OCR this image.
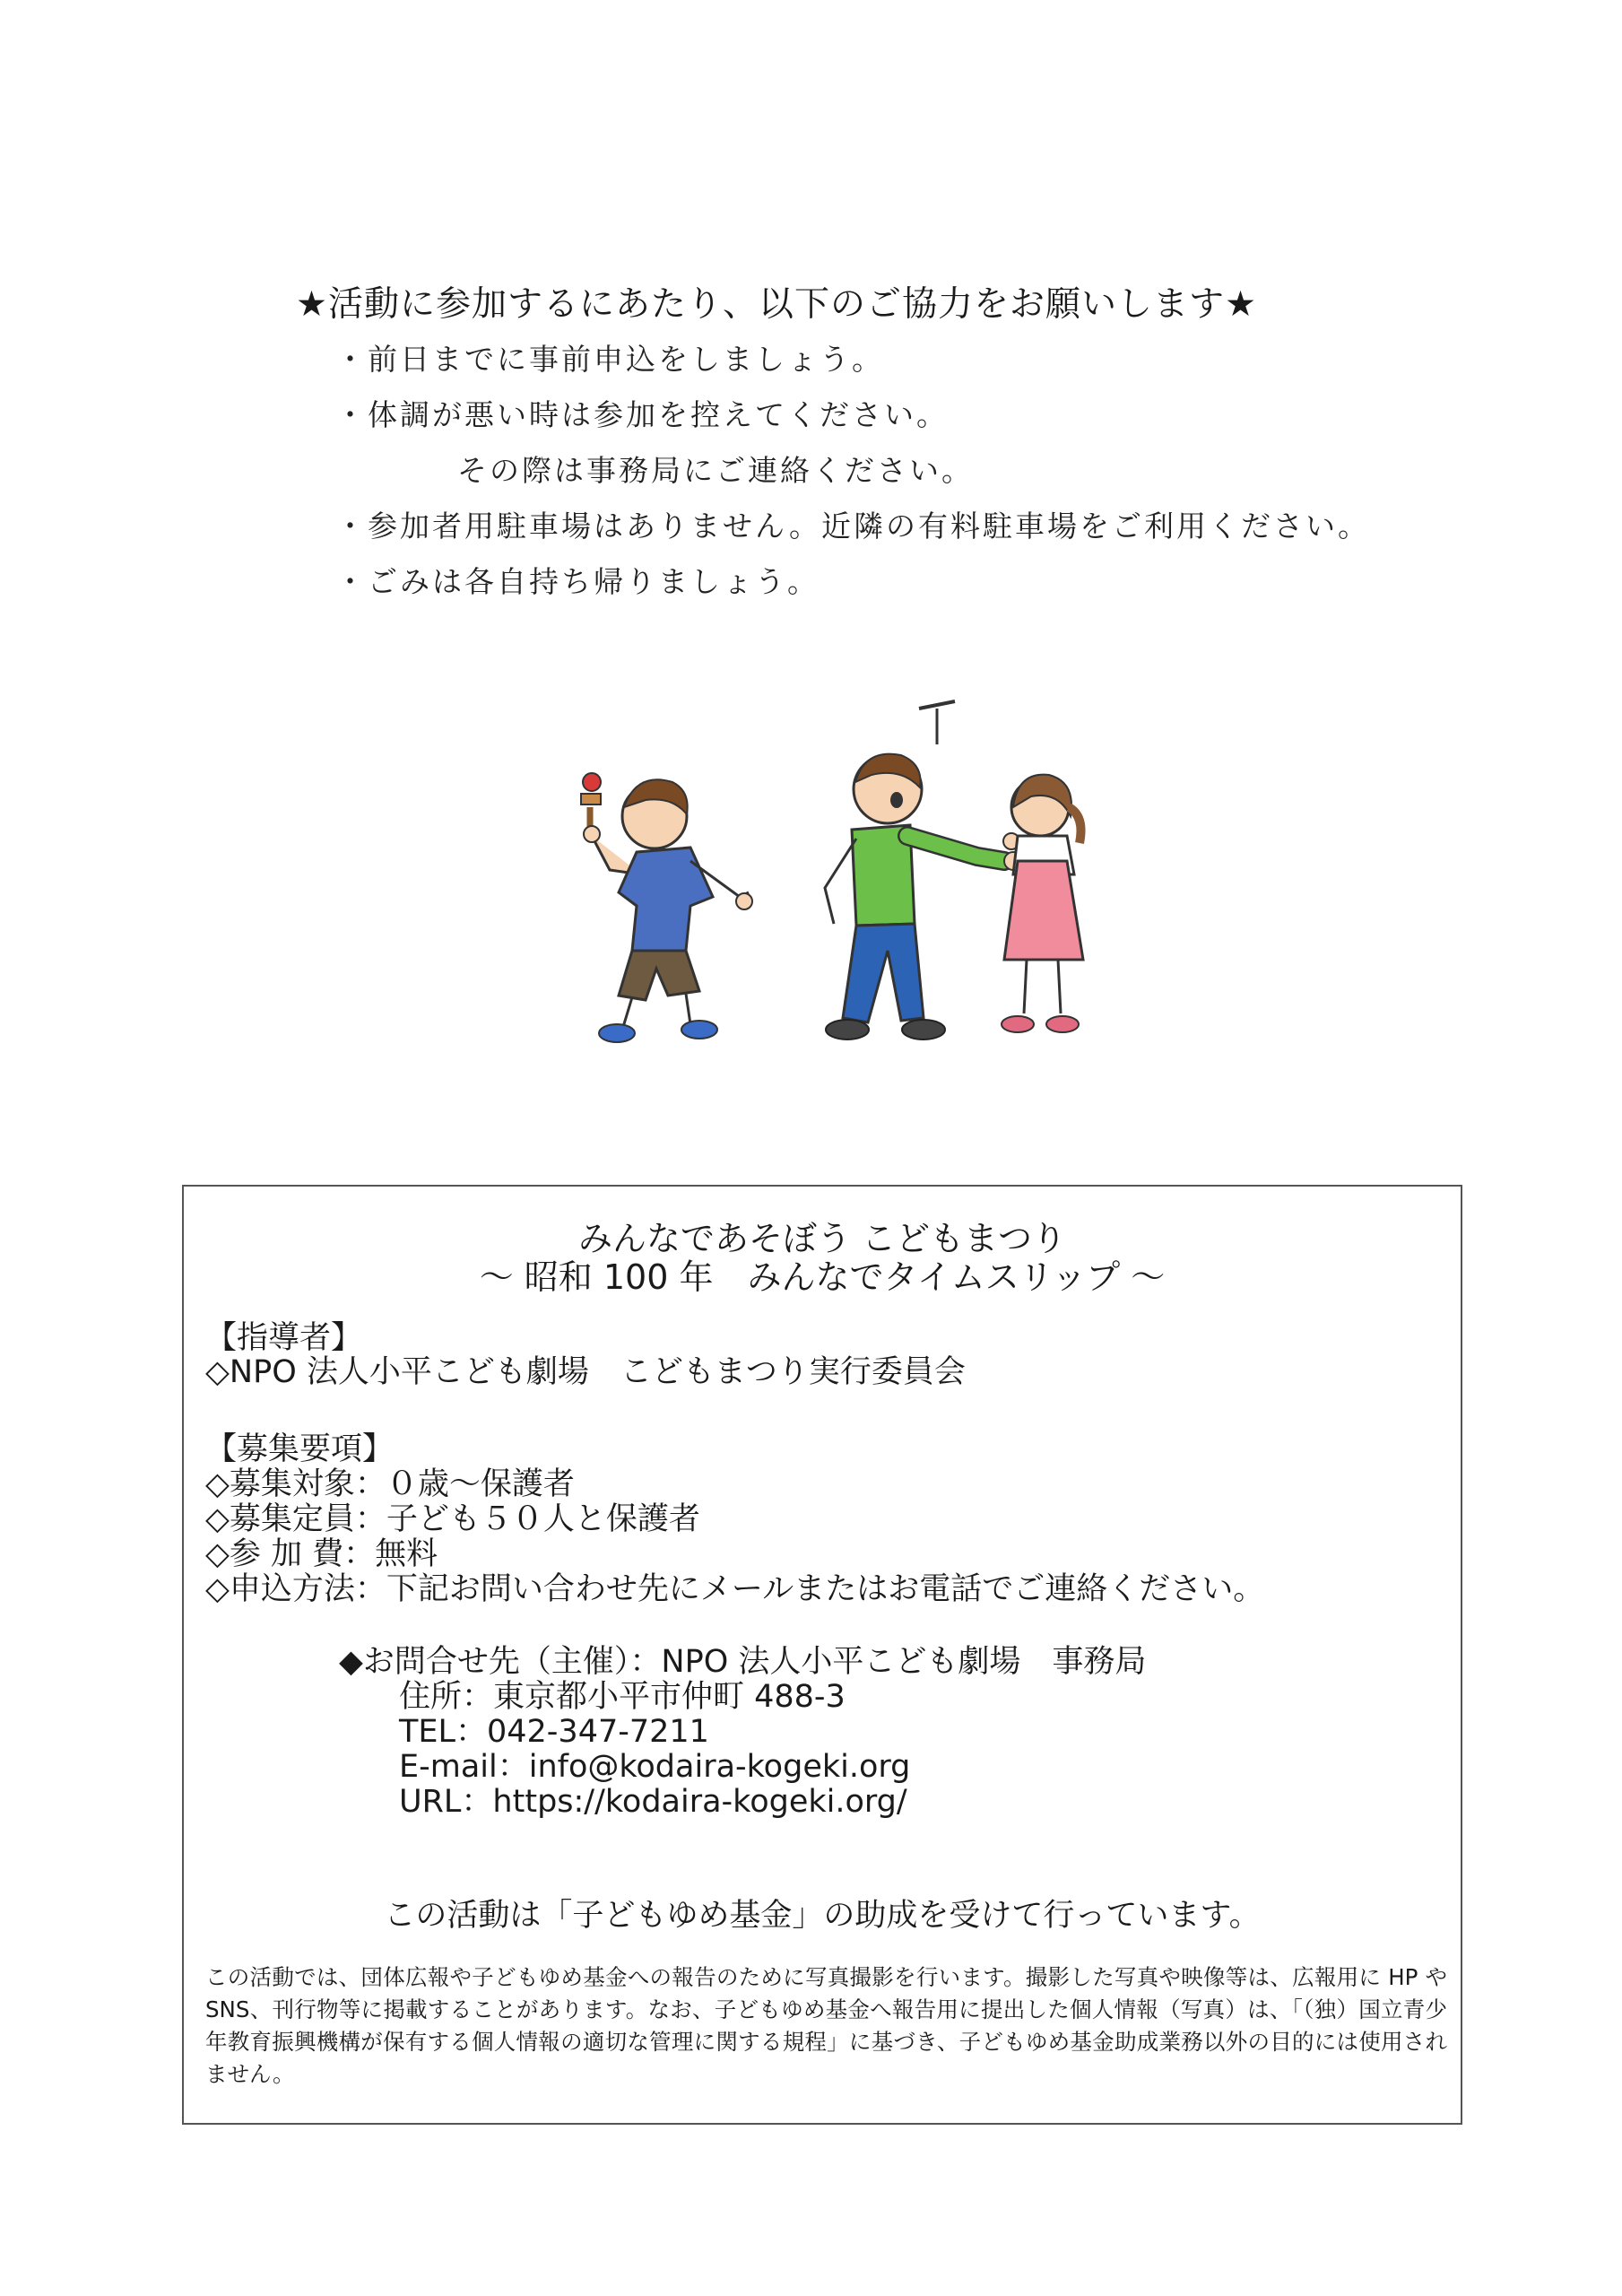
★活動に参加するにあたり、以下のご協力をお願いします★
・前日までに事前申込をしましょう。
・体調が悪い時は参加を控えてください。
その際は事務局にご連絡ください。
・参加者用駐車場はありません。近隣の有料駐車場をご利用ください。
・ごみは各自持ち帰りましょう。
みんなであそぼう こどもまつり
～ 昭和 100 年　みんなでタイムスリップ ～
【指導者】
◇NPO 法人小平こども劇場　こどもまつり実行委員会
【募集要項】
◇募集対象：０歳～保護者
◇募集定員：子ども５０人と保護者
◇参 加 費：無料
◇申込方法：下記お問い合わせ先にメールまたはお電話でご連絡ください。
◆お問合せ先（主催）：NPO 法人小平こども劇場　事務局
住所：東京都小平市仲町 488-3
TEL：042-347-7211
E-mail：info@kodaira-kogeki.org
URL：https://kodaira-kogeki.org/
この活動は「子どもゆめ基金」の助成を受けて行っています。
この活動では、団体広報や子どもゆめ基金への報告のために写真撮影を行います。撮影した写真や映像等は、広報用に HP や SNS、刊行物等に掲載することがあります。なお、子どもゆめ基金へ報告用に提出した個人情報（写真）は、「（独）国立青少年教育振興機構が保有する個人情報の適切な管理に関する規程」に基づき、子どもゆめ基金助成業務以外の目的には使用されません。
